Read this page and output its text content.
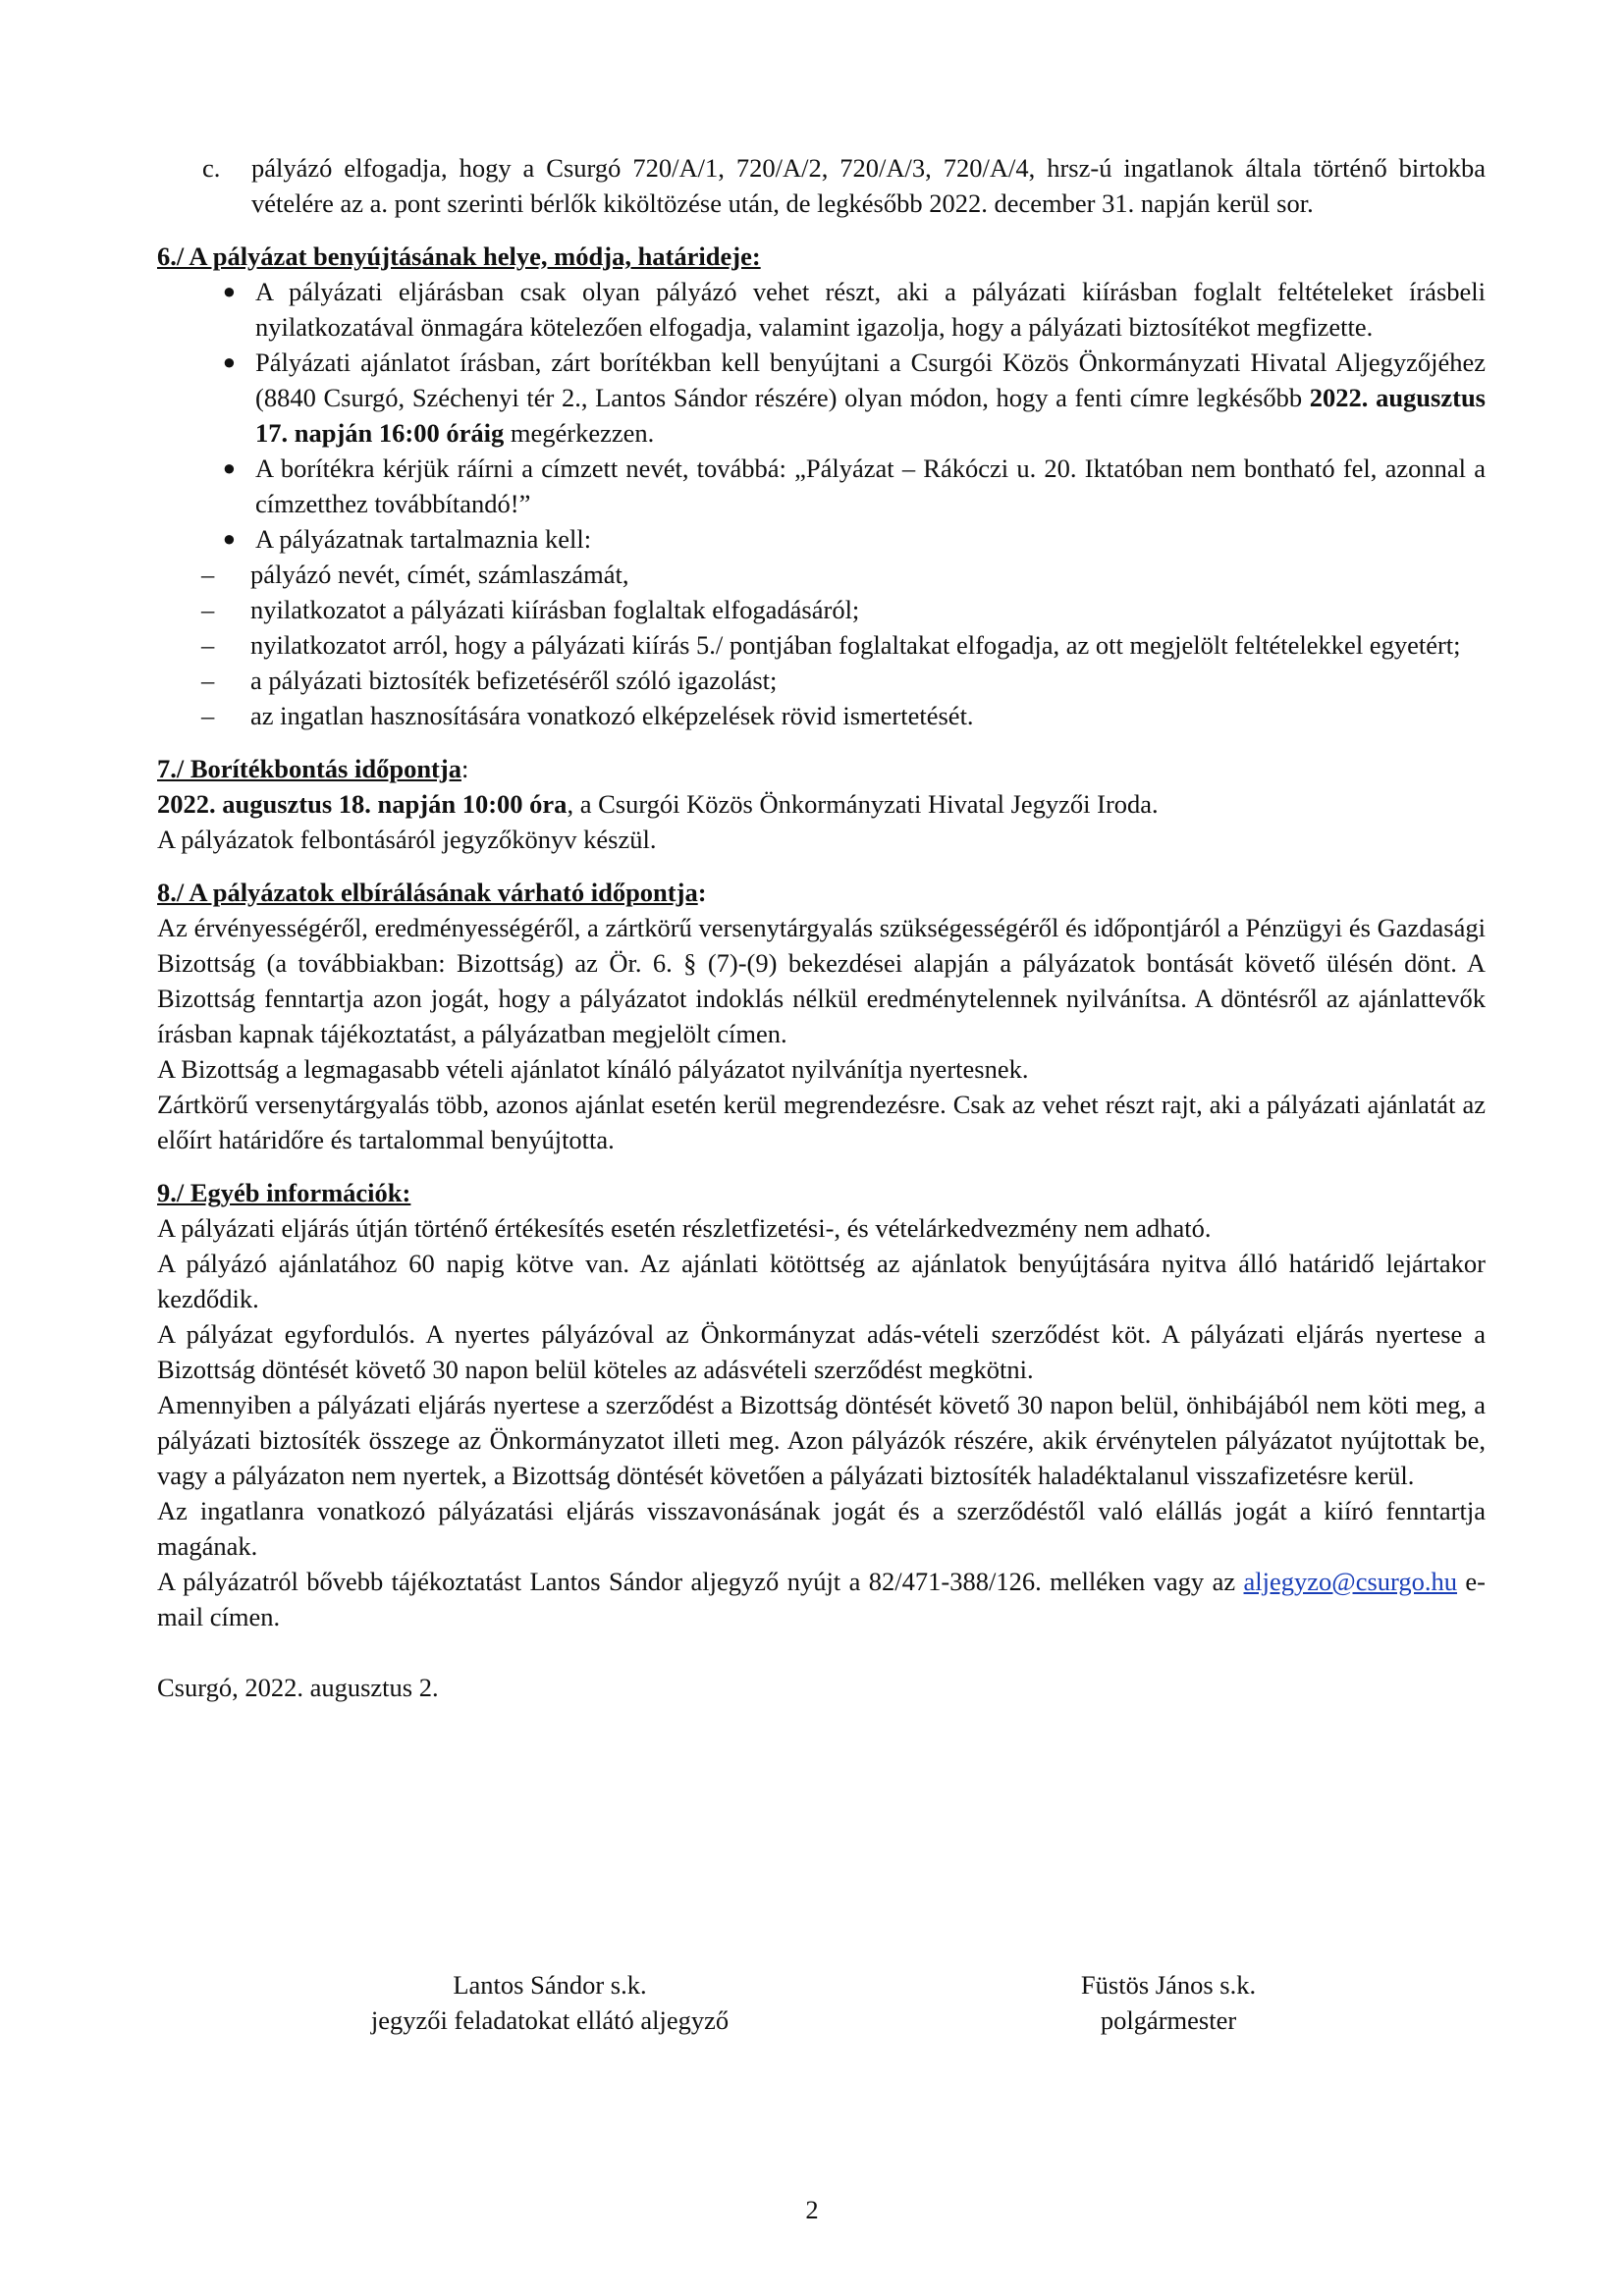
c.	pályázó elfogadja, hogy a Csurgó 720/A/1, 720/A/2, 720/A/3, 720/A/4, hrsz-ú ingatlanok általa történő birtokba vételére az a. pont szerinti bérlők kiköltözése után, de legkésőbb 2022. december 31. napján kerül sor.
6./ A pályázat benyújtásának helye, módja, határideje:
● A pályázati eljárásban csak olyan pályázó vehet részt, aki a pályázati kiírásban foglalt feltételeket írásbeli nyilatkozatával önmagára kötelezően elfogadja, valamint igazolja, hogy a pályázati biztosítékot megfizette.
● Pályázati ajánlatot írásban, zárt borítékban kell benyújtani a Csurgói Közös Önkormányzati Hivatal Aljegyzőjéhez (8840 Csurgó, Széchenyi tér 2., Lantos Sándor részére) olyan módon, hogy a fenti címre legkésőbb 2022. augusztus 17. napján 16:00 óráig megérkezzen.
● A borítékra kérjük ráírni a címzett nevét, továbbá: „Pályázat – Rákóczi u. 20. Iktatóban nem bontható fel, azonnal a címzetthez továbbítandó!”
● A pályázatnak tartalmaznia kell:
–	pályázó nevét, címét, számlaszámát,
–	nyilatkozatot a pályázati kiírásban foglaltak elfogadásáról;
–	nyilatkozatot arról, hogy a pályázati kiírás 5./ pontjában foglaltakat elfogadja, az ott megjelölt feltételekkel egyetért;
–	a pályázati biztosíték befizetéséről szóló igazolást;
–	az ingatlan hasznosítására vonatkozó elképzelések rövid ismertetését.
7./ Borítékbontás időpontja:

2022. augusztus 18. napján 10:00 óra, a Csurgói Közös Önkormányzati Hivatal Jegyzői Iroda.

A pályázatok felbontásáról jegyzőkönyv készül.

8./ A pályázatok elbírálásának várható időpontja:

Az érvényességéről, eredményességéről, a zártkörű versenytárgyalás szükségességéről és időpontjáról a Pénzügyi és Gazdasági Bizottság (a továbbiakban: Bizottság) az Ör. 6. § (7)-(9) bekezdései alapján a pályázatok bontását követő ülésén dönt. A Bizottság fenntartja azon jogát, hogy a pályázatot indoklás nélkül eredménytelennek nyilvánítsa. A döntésről az ajánlattevők írásban kapnak tájékoztatást, a pályázatban megjelölt címen.

A Bizottság a legmagasabb vételi ajánlatot kínáló pályázatot nyilvánítja nyertesnek.

Zártkörű versenytárgyalás több, azonos ajánlat esetén kerül megrendezésre. Csak az vehet részt rajt, aki a pályázati ajánlatát az előírt határidőre és tartalommal benyújtotta.

9./ Egyéb információk:

A pályázati eljárás útján történő értékesítés esetén részletfizetési-, és vételárkedvezmény nem adható.

A pályázó ajánlatához 60 napig kötve van. Az ajánlati kötöttség az ajánlatok benyújtására nyitva álló határidő lejártakor kezdődik.

A pályázat egyfordulós. A nyertes pályázóval az Önkormányzat adás-vételi szerződést köt. A pályázati eljárás nyertese a Bizottság döntését követő 30 napon belül köteles az adásvételi szerződést megkötni.

Amennyiben a pályázati eljárás nyertese a szerződést a Bizottság döntését követő 30 napon belül, önhibájából nem köti meg, a pályázati biztosíték összege az Önkormányzatot illeti meg. Azon pályázók részére, akik érvénytelen pályázatot nyújtottak be, vagy a pályázaton nem nyertek, a Bizottság döntését követően a pályázati biztosíték haladéktalanul visszafizetésre kerül.

Az ingatlanra vonatkozó pályázatási eljárás visszavonásának jogát és a szerződéstől való elállás jogát a kiíró fenntartja magának.

A pályázatról bővebb tájékoztatást Lantos Sándor aljegyző nyújt a 82/471-388/126. melléken vagy az aljegyzo@csurgo.hu e-mail címen.

Csurgó, 2022. augusztus 2.

Lantos Sándor s.k.
jegyzői feladatokat ellátó aljegyző
Füstös János s.k.
polgármester
2
